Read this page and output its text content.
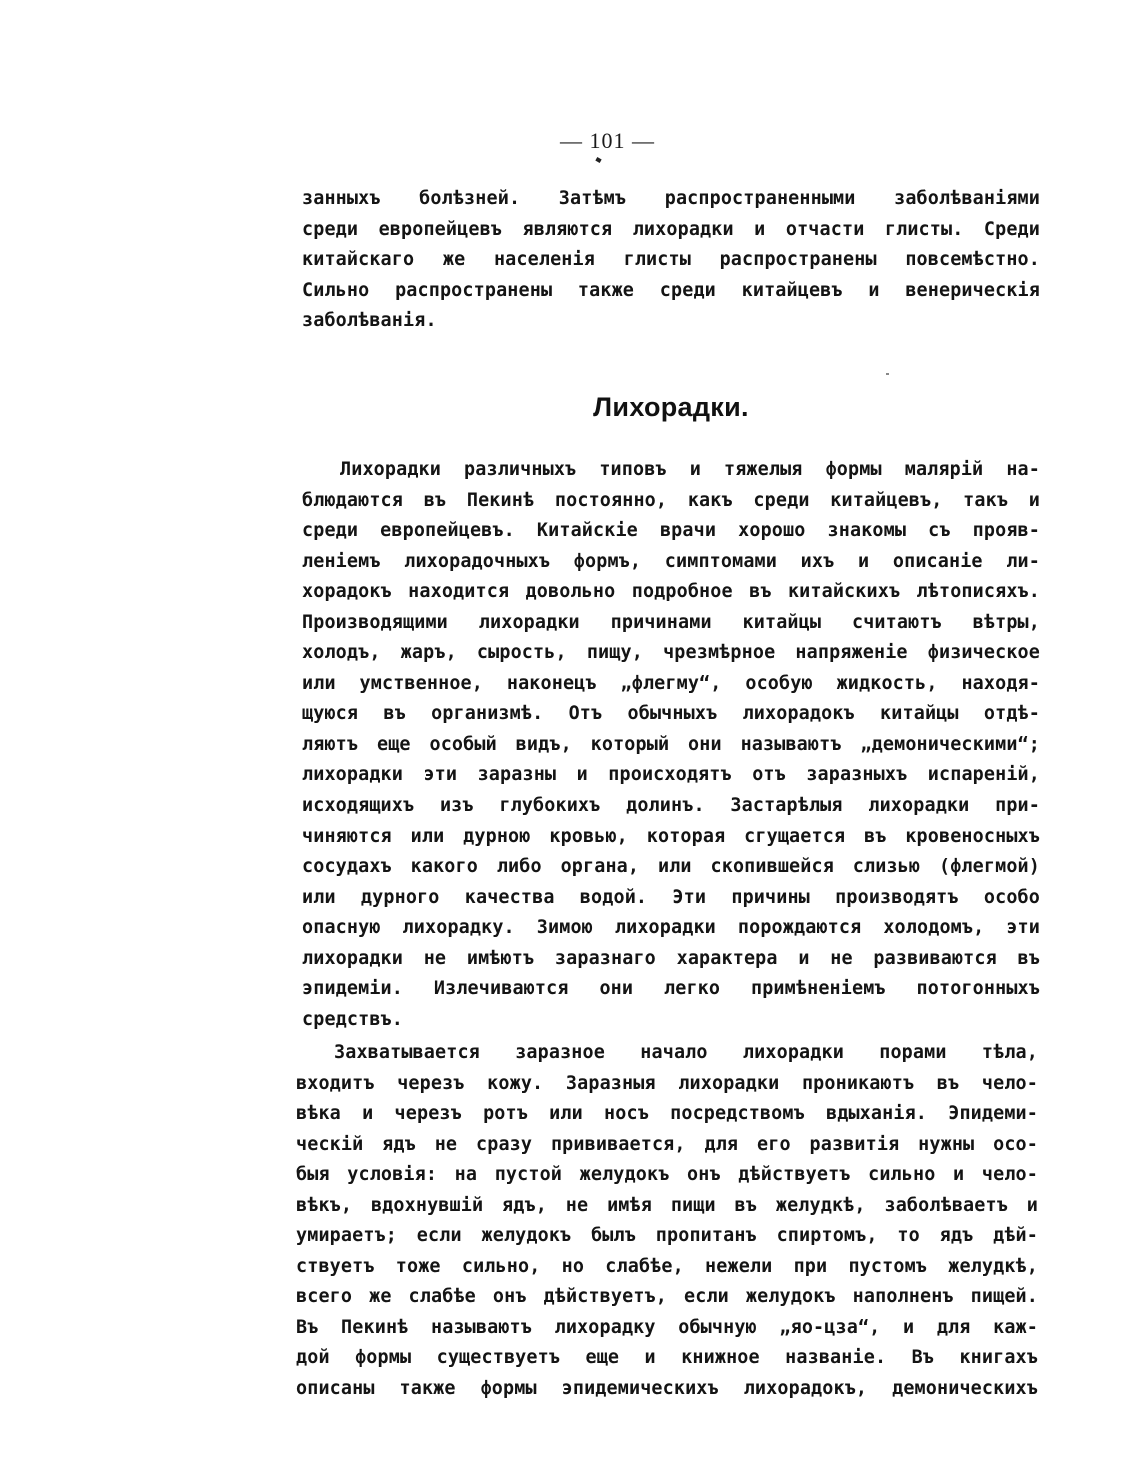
— 101 —
занныхъ болѣзней. Затѣмъ распространенными заболѣваніями
среди европейцевъ являются лихорадки и отчасти глисты. Среди
китайскаго же населенія глисты распространены повсемѣстно.
Сильно распространены также среди китайцевъ и венерическія
заболѣванія.
Лихорадки.
Лихорадки различныхъ типовъ и тяжелыя формы малярій на-
блюдаются въ Пекинѣ постоянно, какъ среди китайцевъ, такъ и
среди европейцевъ. Китайскіе врачи хорошо знакомы съ прояв-
леніемъ лихорадочныхъ формъ, симптомами ихъ и описаніе ли-
хорадокъ находится довольно подробное въ китайскихъ лѣтописяхъ.
Производящими лихорадки причинами китайцы считаютъ вѣтры,
холодъ, жаръ, сырость, пищу, чрезмѣрное напряженіе физическое
или умственное, наконецъ „флегму“, особую жидкость, находя-
щуюся въ организмѣ. Отъ обычныхъ лихорадокъ китайцы отдѣ-
ляютъ еще особый видъ, который они называютъ „демоническими“;
лихорадки эти заразны и происходятъ отъ заразныхъ испареній,
исходящихъ изъ глубокихъ долинъ. Застарѣлыя лихорадки при-
чиняются или дурною кровью, которая сгущается въ кровеносныхъ
сосудахъ какого либо органа, или скопившейся слизью (флегмой)
или дурного качества водой. Эти причины производятъ особо
опасную лихорадку. Зимою лихорадки порождаются холодомъ, эти
лихорадки не имѣютъ заразнаго характера и не развиваются въ
эпидеміи. Излечиваются они легко примѣненіемъ потогонныхъ
средствъ.
Захватывается заразное начало лихорадки порами тѣла,
входитъ черезъ кожу. Заразныя лихорадки проникаютъ въ чело-
вѣка и черезъ ротъ или носъ посредствомъ вдыханія. Эпидеми-
ческій ядъ не сразу прививается, для его развитія нужны осо-
быя условія: на пустой желудокъ онъ дѣйствуетъ сильно и чело-
вѣкъ, вдохнувшій ядъ, не имѣя пищи въ желудкѣ, заболѣваетъ и
умираетъ; если желудокъ былъ пропитанъ спиртомъ, то ядъ дѣй-
ствуетъ тоже сильно, но слабѣе, нежели при пустомъ желудкѣ,
всего же слабѣе онъ дѣйствуетъ, если желудокъ наполненъ пищей.
Въ Пекинѣ называютъ лихорадку обычную „яо-цза“, и для каж-
дой формы существуетъ еще и книжное названіе. Въ книгахъ
описаны также формы эпидемическихъ лихорадокъ, демоническихъ
